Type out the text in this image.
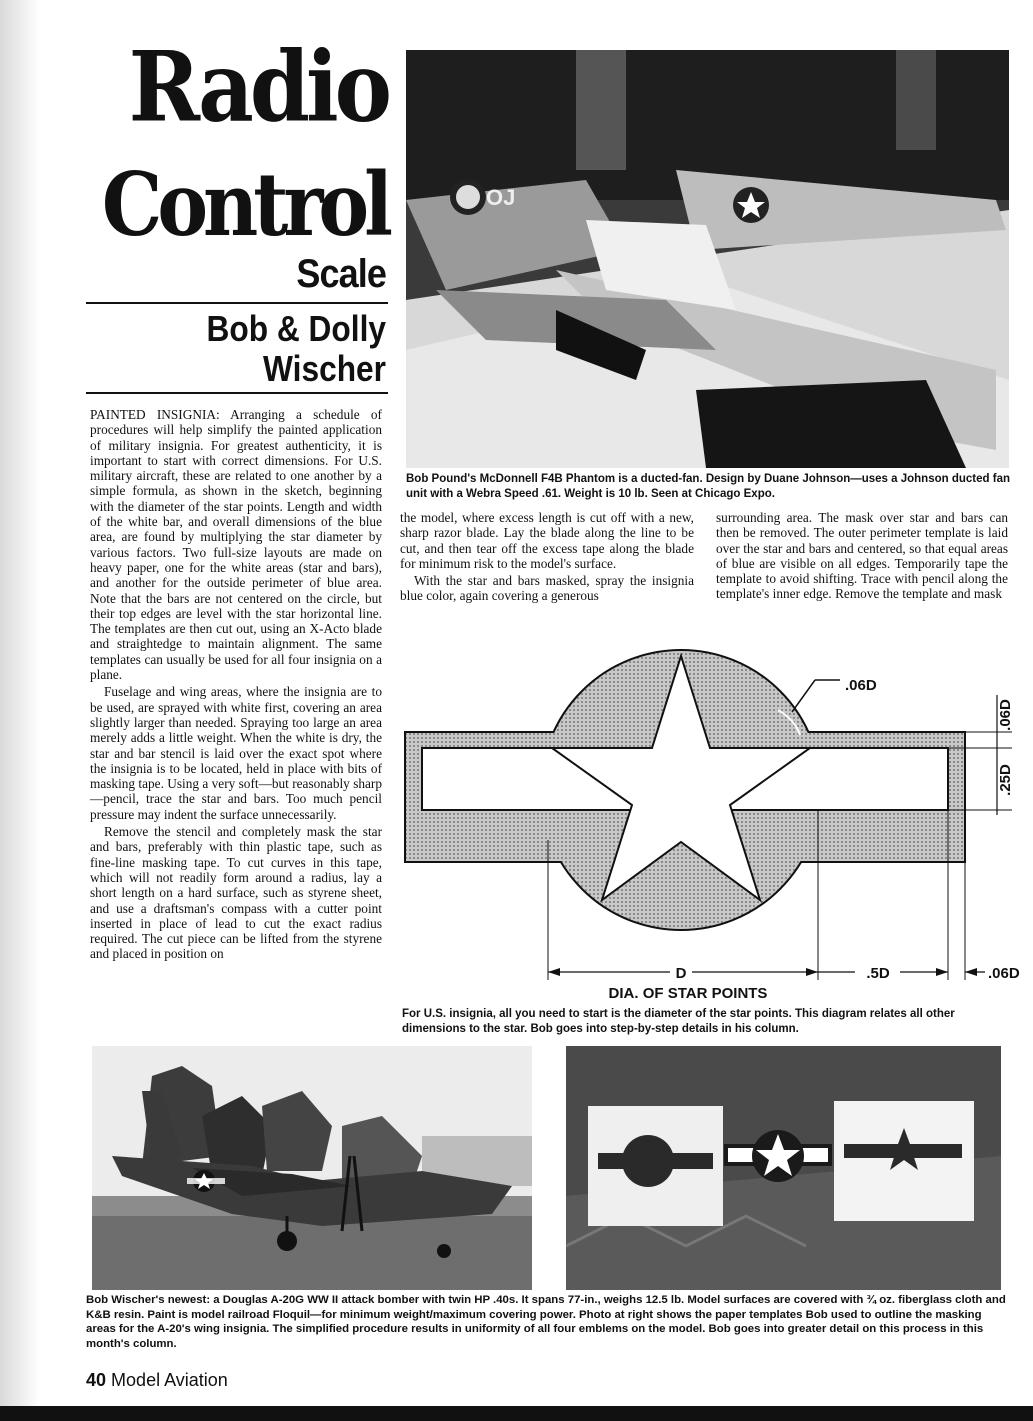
Radio
Control
Scale
Bob & Dolly
Wischer

PAINTED INSIGNIA: Arranging a schedule of procedures will help simplify the painted application of military insignia. For greatest authenticity, it is important to start with correct dimensions. For U.S. military aircraft, these are related to one another by a simple formula, as shown in the sketch, beginning with the diameter of the star points. Length and width of the white bar, and overall dimensions of the blue area, are found by multiplying the star diameter by various factors. Two full-size layouts are made on heavy paper, one for the white areas (star and bars), and another for the outside perimeter of blue area. Note that the bars are not centered on the circle, but their top edges are level with the star horizontal line. The templates are then cut out, using an X-Acto blade and straightedge to maintain alignment. The same templates can usually be used for all four insignia on a plane.

Fuselage and wing areas, where the insignia are to be used, are sprayed with white first, covering an area slightly larger than needed. Spraying too large an area merely adds a little weight. When the white is dry, the star and bar stencil is laid over the exact spot where the insignia is to be located, held in place with bits of masking tape. Using a very soft—but reasonably sharp—pencil, trace the star and bars. Too much pencil pressure may indent the surface unnecessarily.

Remove the stencil and completely mask the star and bars, preferably with thin plastic tape, such as fine-line masking tape. To cut curves in this tape, which will not readily form around a radius, lay a short length on a hard surface, such as styrene sheet, and use a draftsman's compass with a cutter point inserted in place of lead to cut the exact radius required. The cut piece can be lifted from the styrene and placed in position on

OJ
Bob Pound's McDonnell F4B Phantom is a ducted-fan. Design by Duane Johnson—uses a Johnson ducted fan unit with a Webra Speed .61. Weight is 10 lb. Seen at Chicago Expo.

the model, where excess length is cut off with a new, sharp razor blade. Lay the blade along the line to be cut, and then tear off the excess tape along the blade for minimum risk to the model's surface.

With the star and bars masked, spray the insignia blue color, again covering a generous

surrounding area. The mask over star and bars can then be removed. The outer perimeter template is laid over the star and bars and centered, so that equal areas of blue are visible on all edges. Temporarily tape the template to avoid shifting. Trace with pencil along the template's inner edge. Remove the template and mask

.06D
.06D
.25D
D	.5D	.06D
DIA. OF STAR POINTS
For U.S. insignia, all you need to start is the diameter of the star points. This diagram relates all other dimensions to the star. Bob goes into step-by-step details in his column.
Bob Wischer's newest: a Douglas A-20G WW II attack bomber with twin HP .40s. It spans 77-in., weighs 12.5 lb. Model surfaces are covered with ¾ oz. fiberglass cloth and K&B resin. Paint is model railroad Floquil—for minimum weight/maximum covering power. Photo at right shows the paper templates Bob used to outline the masking areas for the A-20's wing insignia. The simplified procedure results in uniformity of all four emblems on the model. Bob goes into greater detail on this process in this month's column.
40 Model Aviation
